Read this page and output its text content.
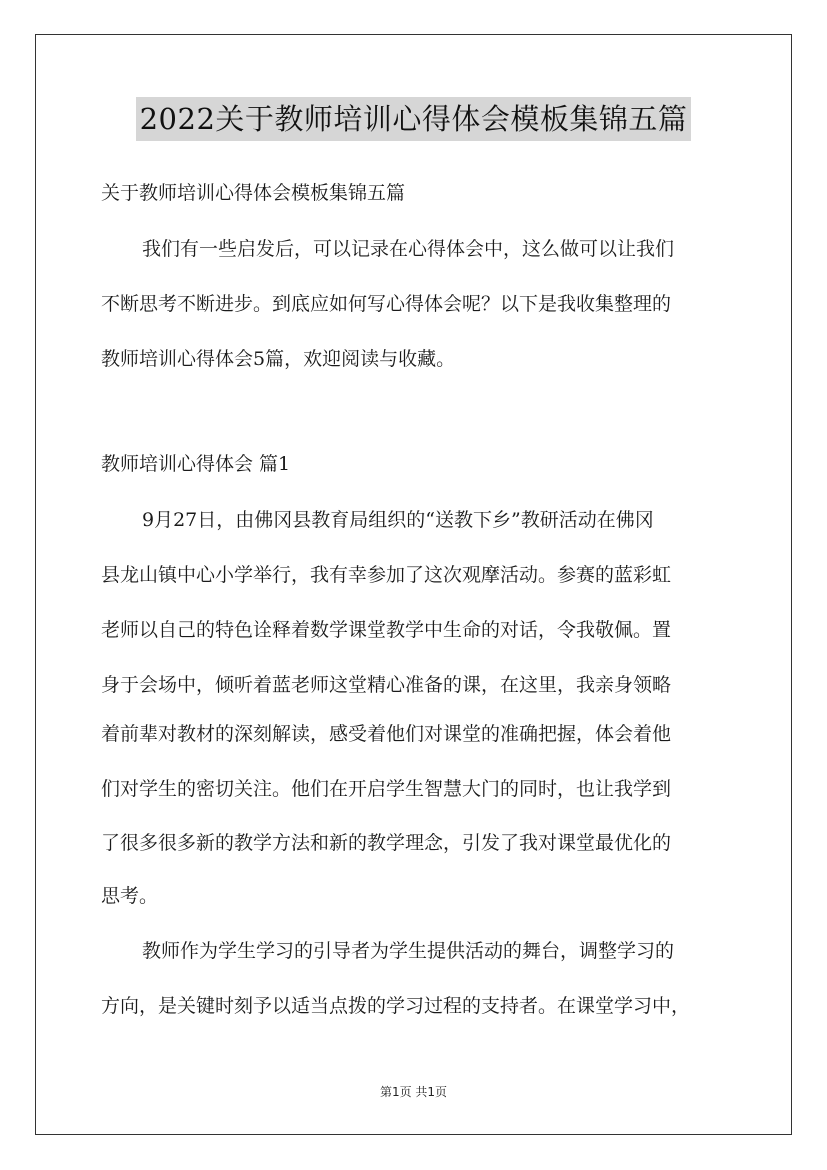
2022关于教师培训心得体会模板集锦五篇
关于教师培训心得体会模板集锦五篇

我们有一些启发后，可以记录在心得体会中，这么做可以让我们

不断思考不断进步。到底应如何写心得体会呢？以下是我收集整理的

教师培训心得体会5篇，欢迎阅读与收藏。

教师培训心得体会 篇1

9月27日，由佛冈县教育局组织的“送教下乡”教研活动在佛冈

县龙山镇中心小学举行，我有幸参加了这次观摩活动。参赛的蓝彩虹

老师以自己的特色诠释着数学课堂教学中生命的对话，令我敬佩。置

身于会场中，倾听着蓝老师这堂精心准备的课，在这里，我亲身领略

着前辈对教材的深刻解读，感受着他们对课堂的准确把握，体会着他

们对学生的密切关注。他们在开启学生智慧大门的同时，也让我学到

了很多很多新的教学方法和新的教学理念，引发了我对课堂最优化的

思考。

教师作为学生学习的引导者为学生提供活动的舞台，调整学习的

方向，是关键时刻予以适当点拨的学习过程的支持者。在课堂学习中，

第1页 共1页
